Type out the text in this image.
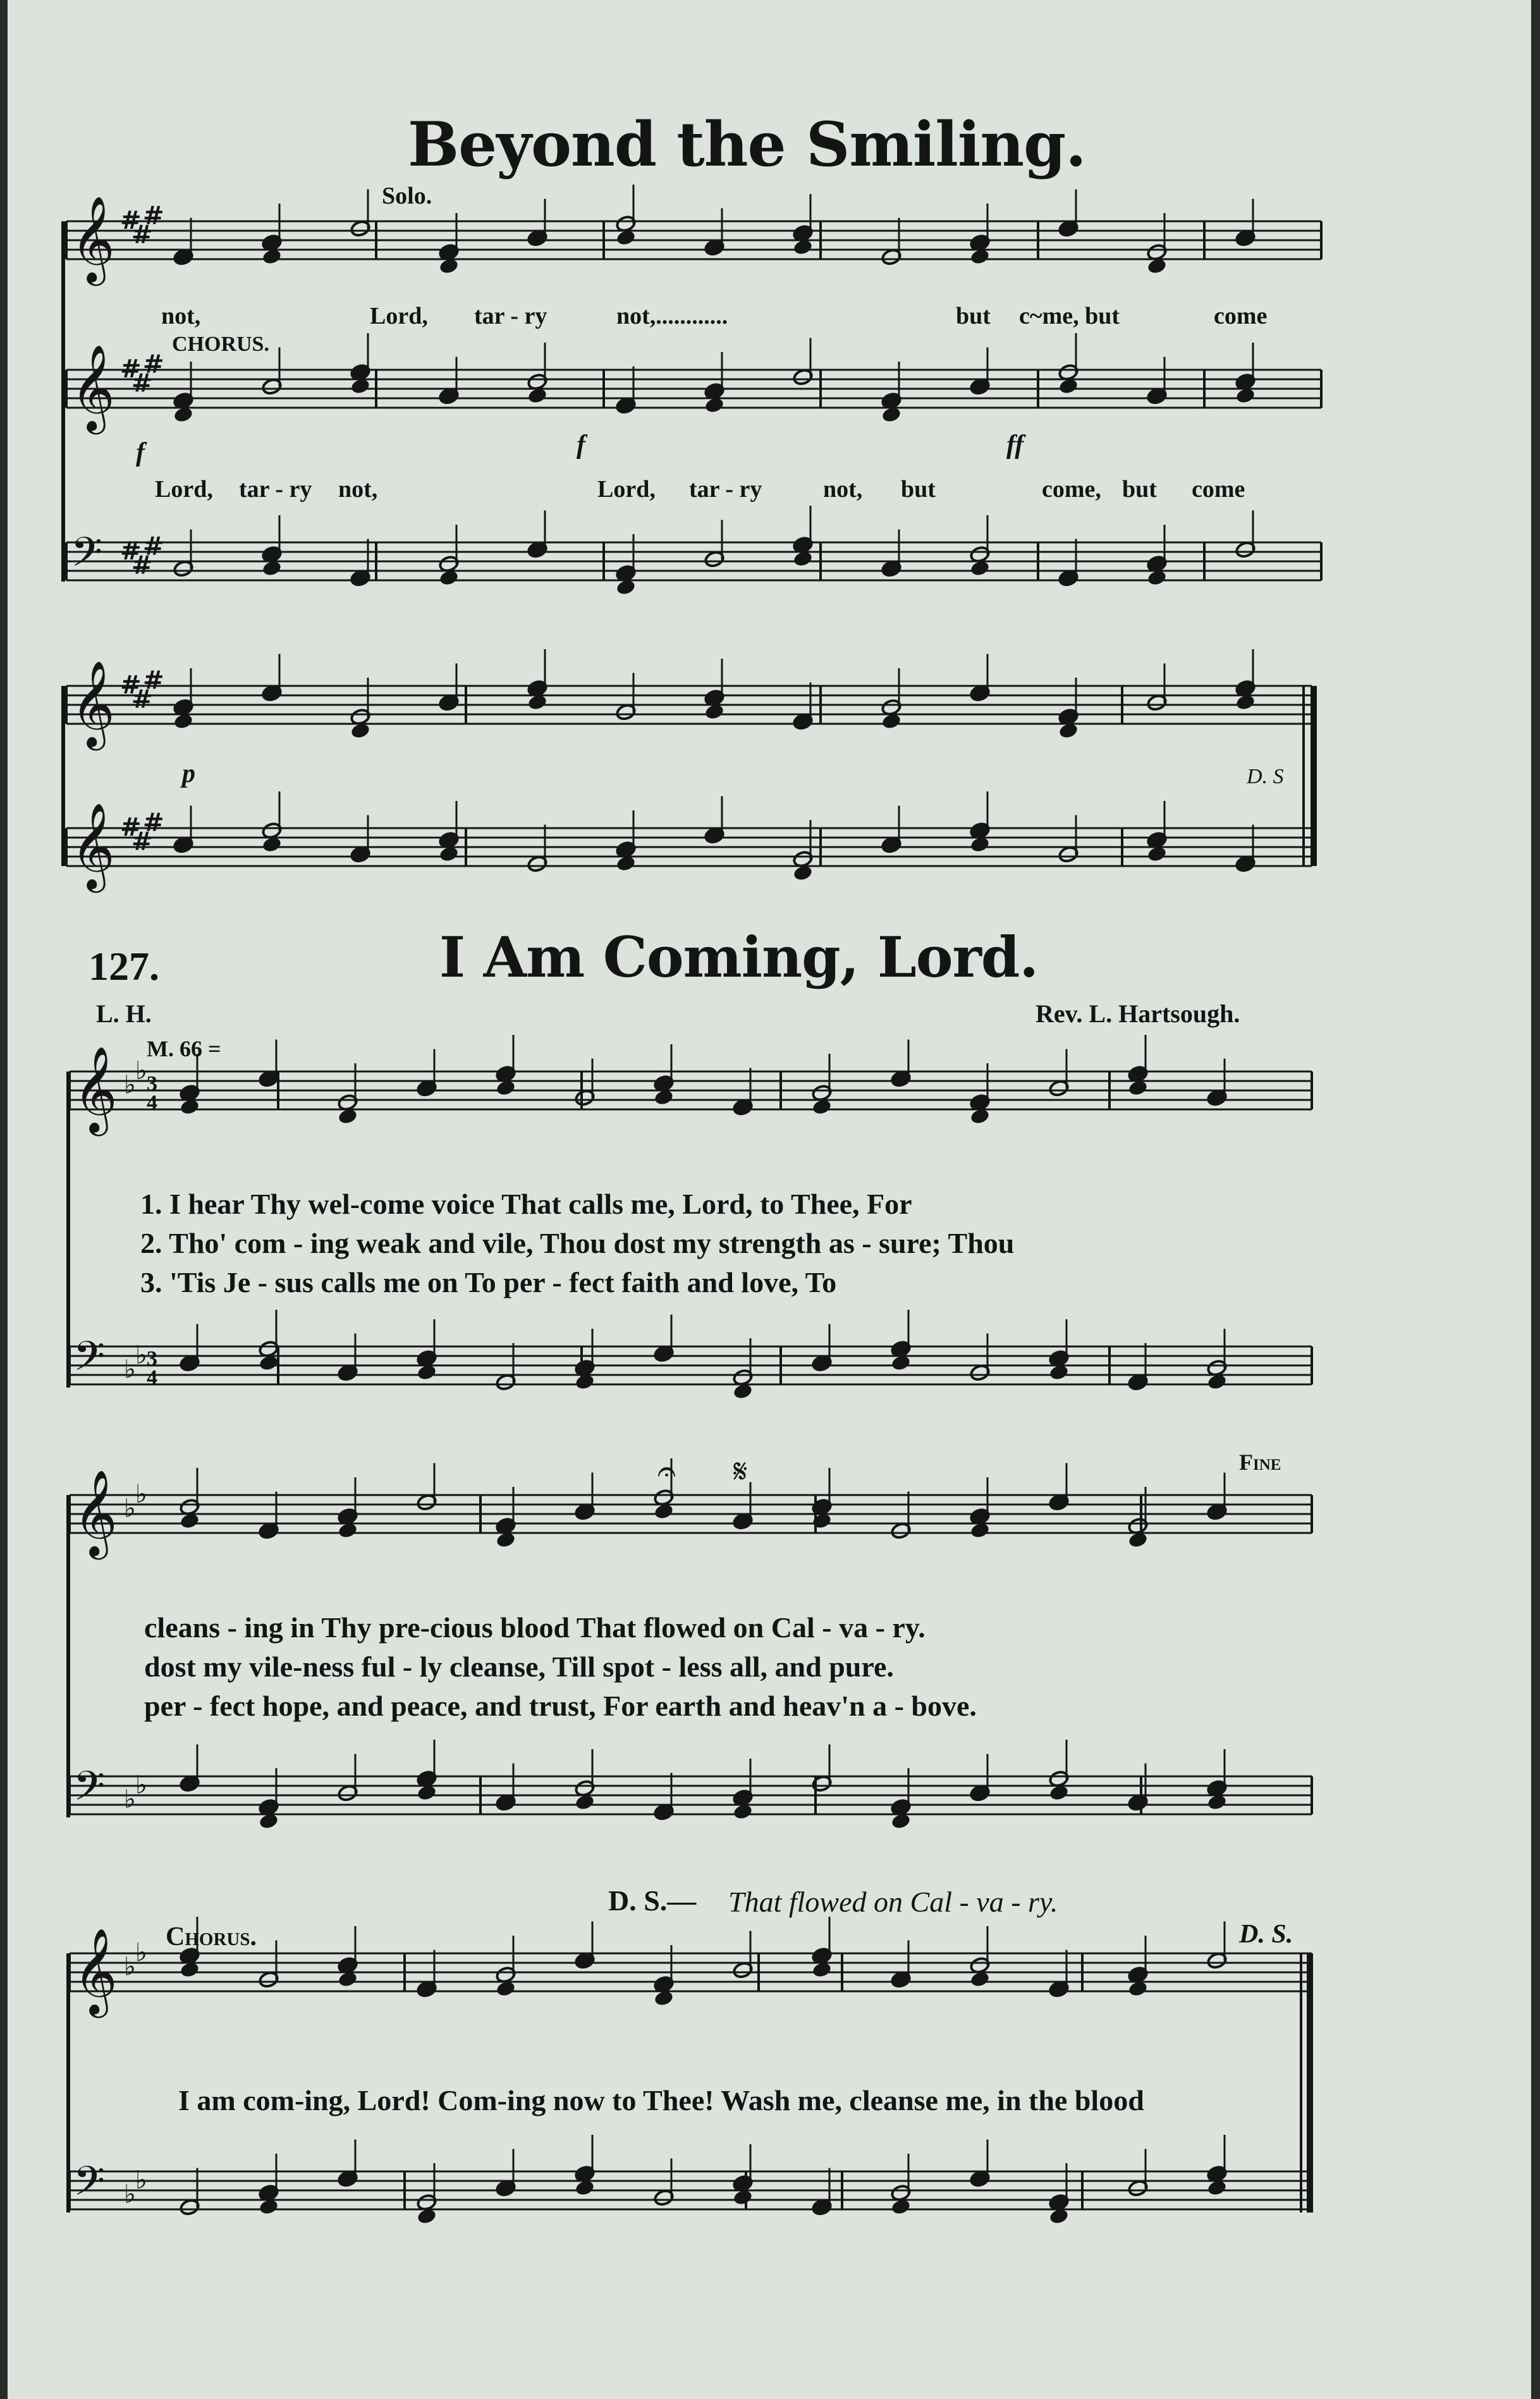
𝄞 #
#
#
𝄞 #
#
#
𝄢 #
#
#
𝄞 #
#
#
𝄞 #
#
#
𝄞 ♭ ♭
𝄢 ♭ ♭
𝄞 ♭ ♭
𝄢 ♭ ♭
𝄞 ♭ ♭
𝄢 ♭ ♭
3
4
3
4
𝄐 𝄋
Beyond the Smiling.
Solo.
CHORUS.
not,	Lord, tar - ry	not,............	but c~me, but	come
Lord, tar - ry not,	Lord, tar - ry	not, but	come, but come
f	f	ff
p	D. S
127.	I Am Coming, Lord.
L. H.	Rev. L. Hartsough.
M. 66 =
Fine
1. I hear Thy wel-come voice That calls me, Lord, to Thee, For
2. Tho' com - ing weak and vile, Thou dost my strength as - sure; Thou
3. 'Tis Je - sus calls me on To per - fect faith and love, To
cleans - ing in Thy pre-cious blood That flowed on Cal - va - ry.
dost my vile-ness ful - ly cleanse, Till spot - less all, and pure.
per - fect hope, and peace, and trust, For earth and heav'n a - bove.
D. S.— That flowed on Cal - va - ry.
Chorus.	D. S.
I am com-ing, Lord! Com-ing now to Thee! Wash me, cleanse me, in the blood
